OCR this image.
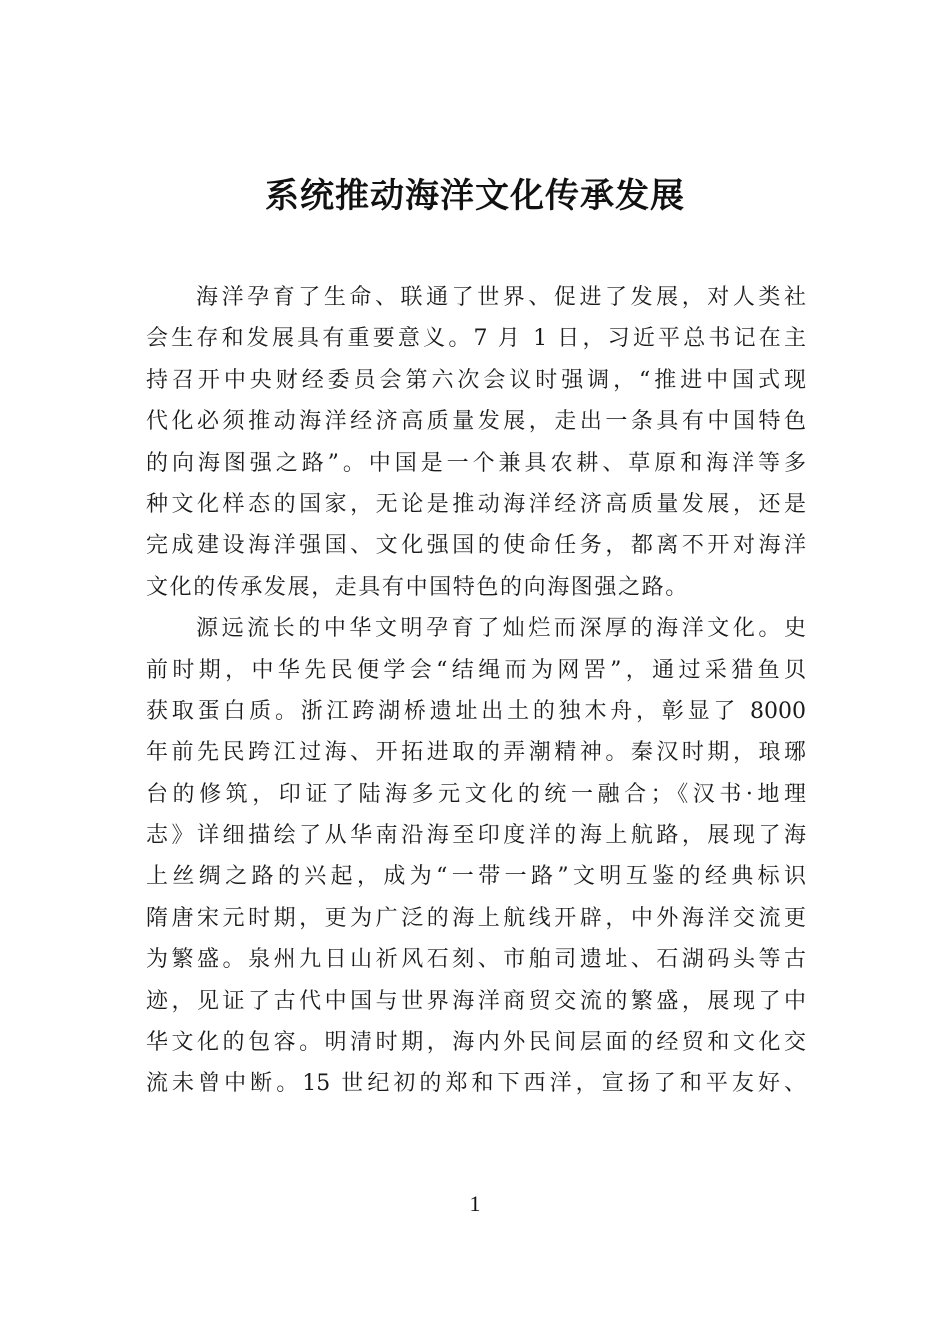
系统推动海洋文化传承发展
海洋孕育了生命、联通了世界、促进了发展，对人类社
会生存和发展具有重要意义。7 月 1 日，习近平总书记在主
持召开中央财经委员会第六次会议时强调，“推进中国式现
代化必须推动海洋经济高质量发展，走出一条具有中国特色
的向海图强之路”。中国是一个兼具农耕、草原和海洋等多
种文化样态的国家，无论是推动海洋经济高质量发展，还是
完成建设海洋强国、文化强国的使命任务，都离不开对海洋
文化的传承发展，走具有中国特色的向海图强之路。
源远流长的中华文明孕育了灿烂而深厚的海洋文化。史
前时期，中华先民便学会“结绳而为网罟”，通过采猎鱼贝
获取蛋白质。浙江跨湖桥遗址出土的独木舟，彰显了 8000
年前先民跨江过海、开拓进取的弄潮精神。秦汉时期，琅琊
台的修筑，印证了陆海多元文化的统一融合；《汉书·地理
志》详细描绘了从华南沿海至印度洋的海上航路，展现了海
上丝绸之路的兴起，成为“一带一路”文明互鉴的经典标识
隋唐宋元时期，更为广泛的海上航线开辟，中外海洋交流更
为繁盛。泉州九日山祈风石刻、市舶司遗址、石湖码头等古
迹，见证了古代中国与世界海洋商贸交流的繁盛，展现了中
华文化的包容。明清时期，海内外民间层面的经贸和文化交
流未曾中断。15 世纪初的郑和下西洋，宣扬了和平友好、
1
